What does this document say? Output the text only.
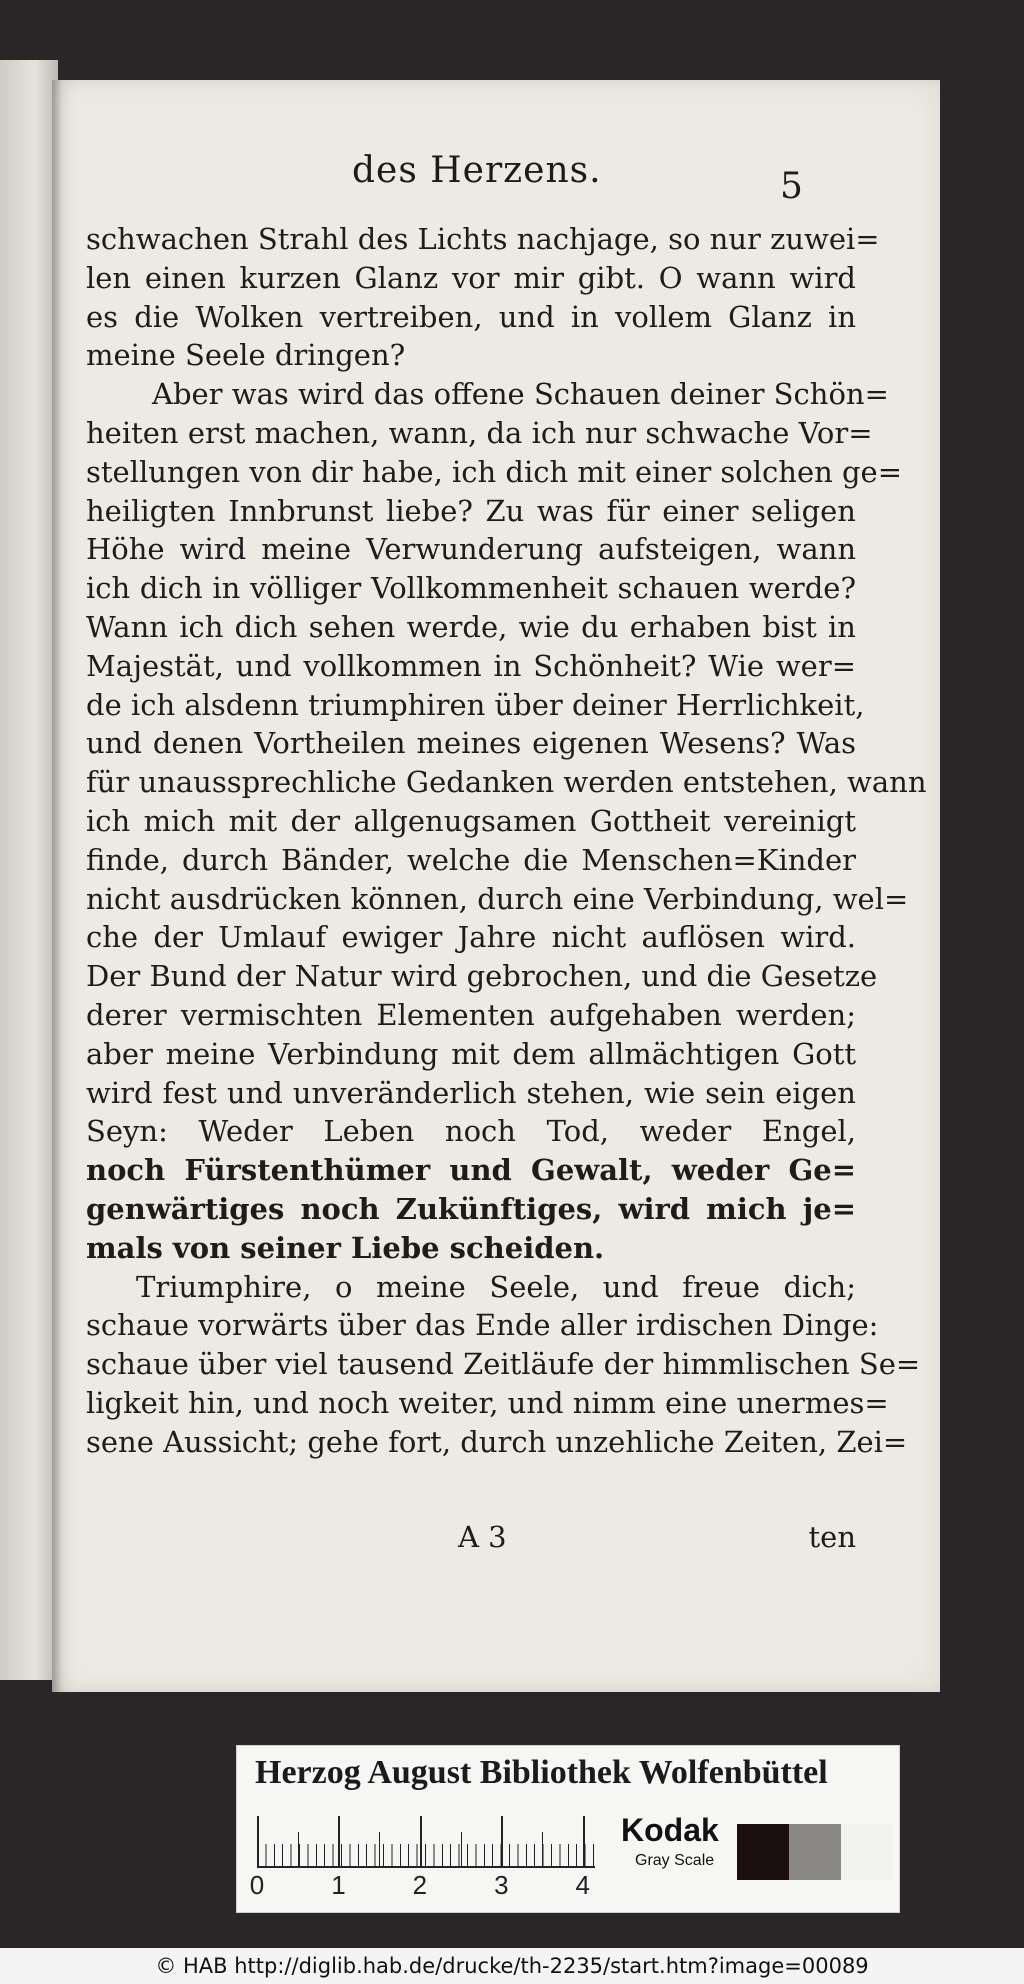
des Herzens.	5
schwachen Strahl des Lichts nachjage, so nur zuwei=
len einen kurzen Glanz vor mir gibt. O wann wird
es die Wolken vertreiben, und in vollem Glanz in
meine Seele dringen?
Aber was wird das offene Schauen deiner Schön=
heiten erst machen, wann, da ich nur schwache Vor=
stellungen von dir habe, ich dich mit einer solchen ge=
heiligten Innbrunst liebe? Zu was für einer seligen
Höhe wird meine Verwunderung aufsteigen, wann
ich dich in völliger Vollkommenheit schauen werde?
Wann ich dich sehen werde, wie du erhaben bist in
Majestät, und vollkommen in Schönheit? Wie wer=
de ich alsdenn triumphiren über deiner Herrlichkeit,
und denen Vortheilen meines eigenen Wesens? Was
für unaussprechliche Gedanken werden entstehen, wann
ich mich mit der allgenugsamen Gottheit vereinigt
finde, durch Bänder, welche die Menschen=Kinder
nicht ausdrücken können, durch eine Verbindung, wel=
che der Umlauf ewiger Jahre nicht auflösen wird.
Der Bund der Natur wird gebrochen, und die Gesetze
derer vermischten Elementen aufgehaben werden;
aber meine Verbindung mit dem allmächtigen Gott
wird fest und unveränderlich stehen, wie sein eigen
Seyn: Weder Leben noch Tod, weder Engel,
noch Fürstenthümer und Gewalt, weder Ge=
genwärtiges noch Zukünftiges, wird mich je=
mals von seiner Liebe scheiden.
Triumphire, o meine Seele, und freue dich;
schaue vorwärts über das Ende aller irdischen Dinge:
schaue über viel tausend Zeitläufe der himmlischen Se=
ligkeit hin, und noch weiter, und nimm eine unermes=
sene Aussicht; gehe fort, durch unzehliche Zeiten, Zei=
A 3	ten
Herzog August Bibliothek Wolfenbüttel
0	1	2	3	4
Kodak
Gray Scale
© HAB http://diglib.hab.de/drucke/th-2235/start.htm?image=00089
